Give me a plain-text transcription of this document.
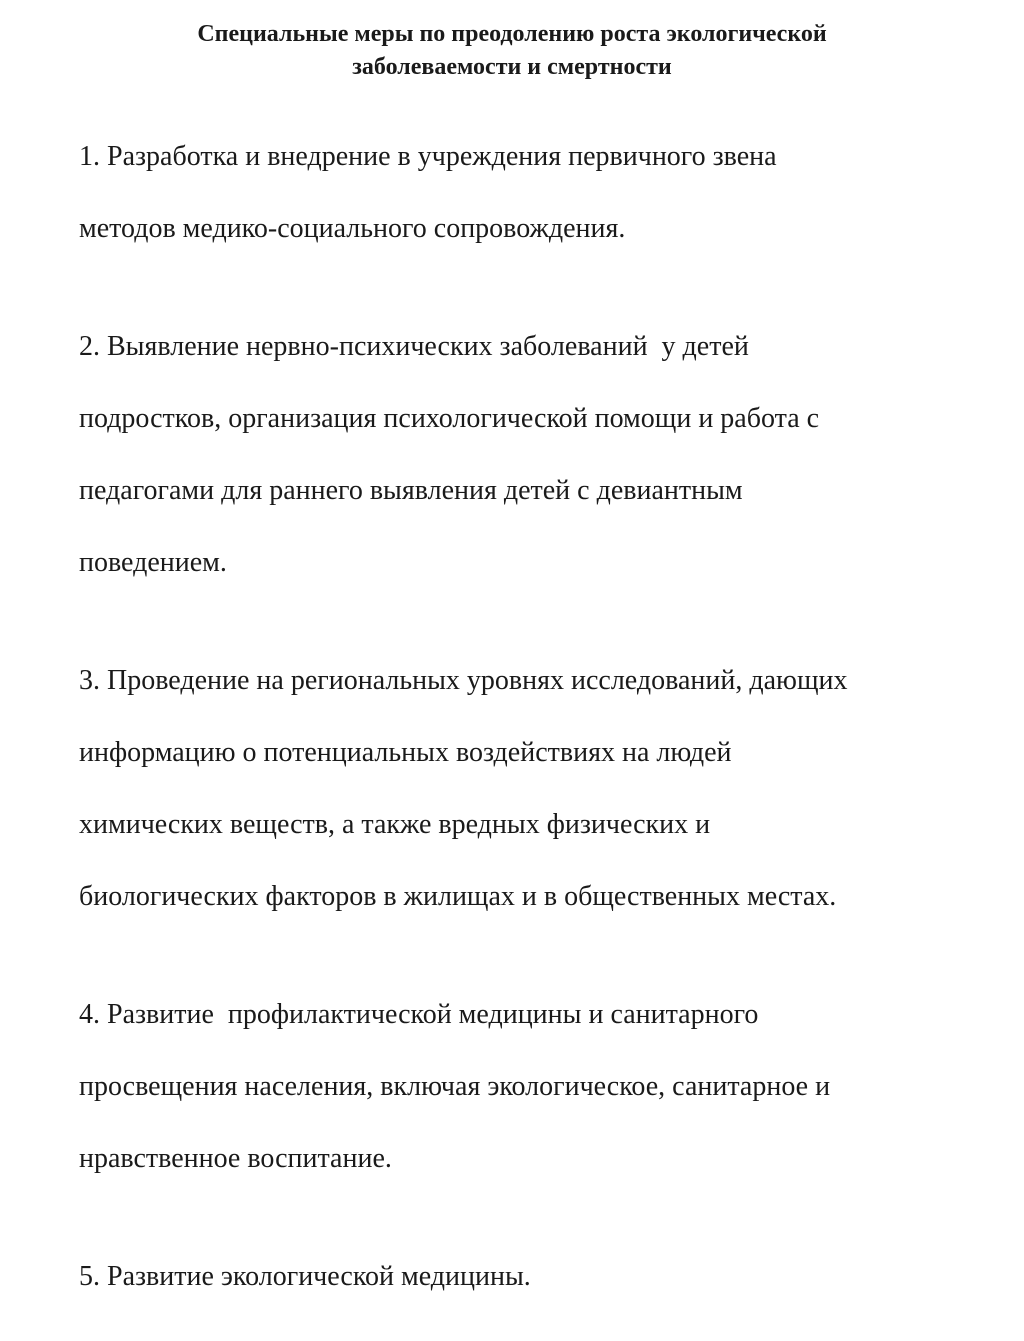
Специальные меры по преодолению роста экологической
заболеваемости и смертности

1. Разработка и внедрение в учреждения первичного звена

методов медико-социального сопровождения.

2. Выявление нервно-психических заболеваний  у детей

подростков, организация психологической помощи и работа с

педагогами для раннего выявления детей с девиантным

поведением.

3. Проведение на региональных уровнях исследований, дающих

информацию о потенциальных воздействиях на людей

химических веществ, а также вредных физических и

биологических факторов в жилищах и в общественных местах.

4. Развитие  профилактической медицины и санитарного

просвещения населения, включая экологическое, санитарное и

нравственное воспитание.

5. Развитие экологической медицины.
